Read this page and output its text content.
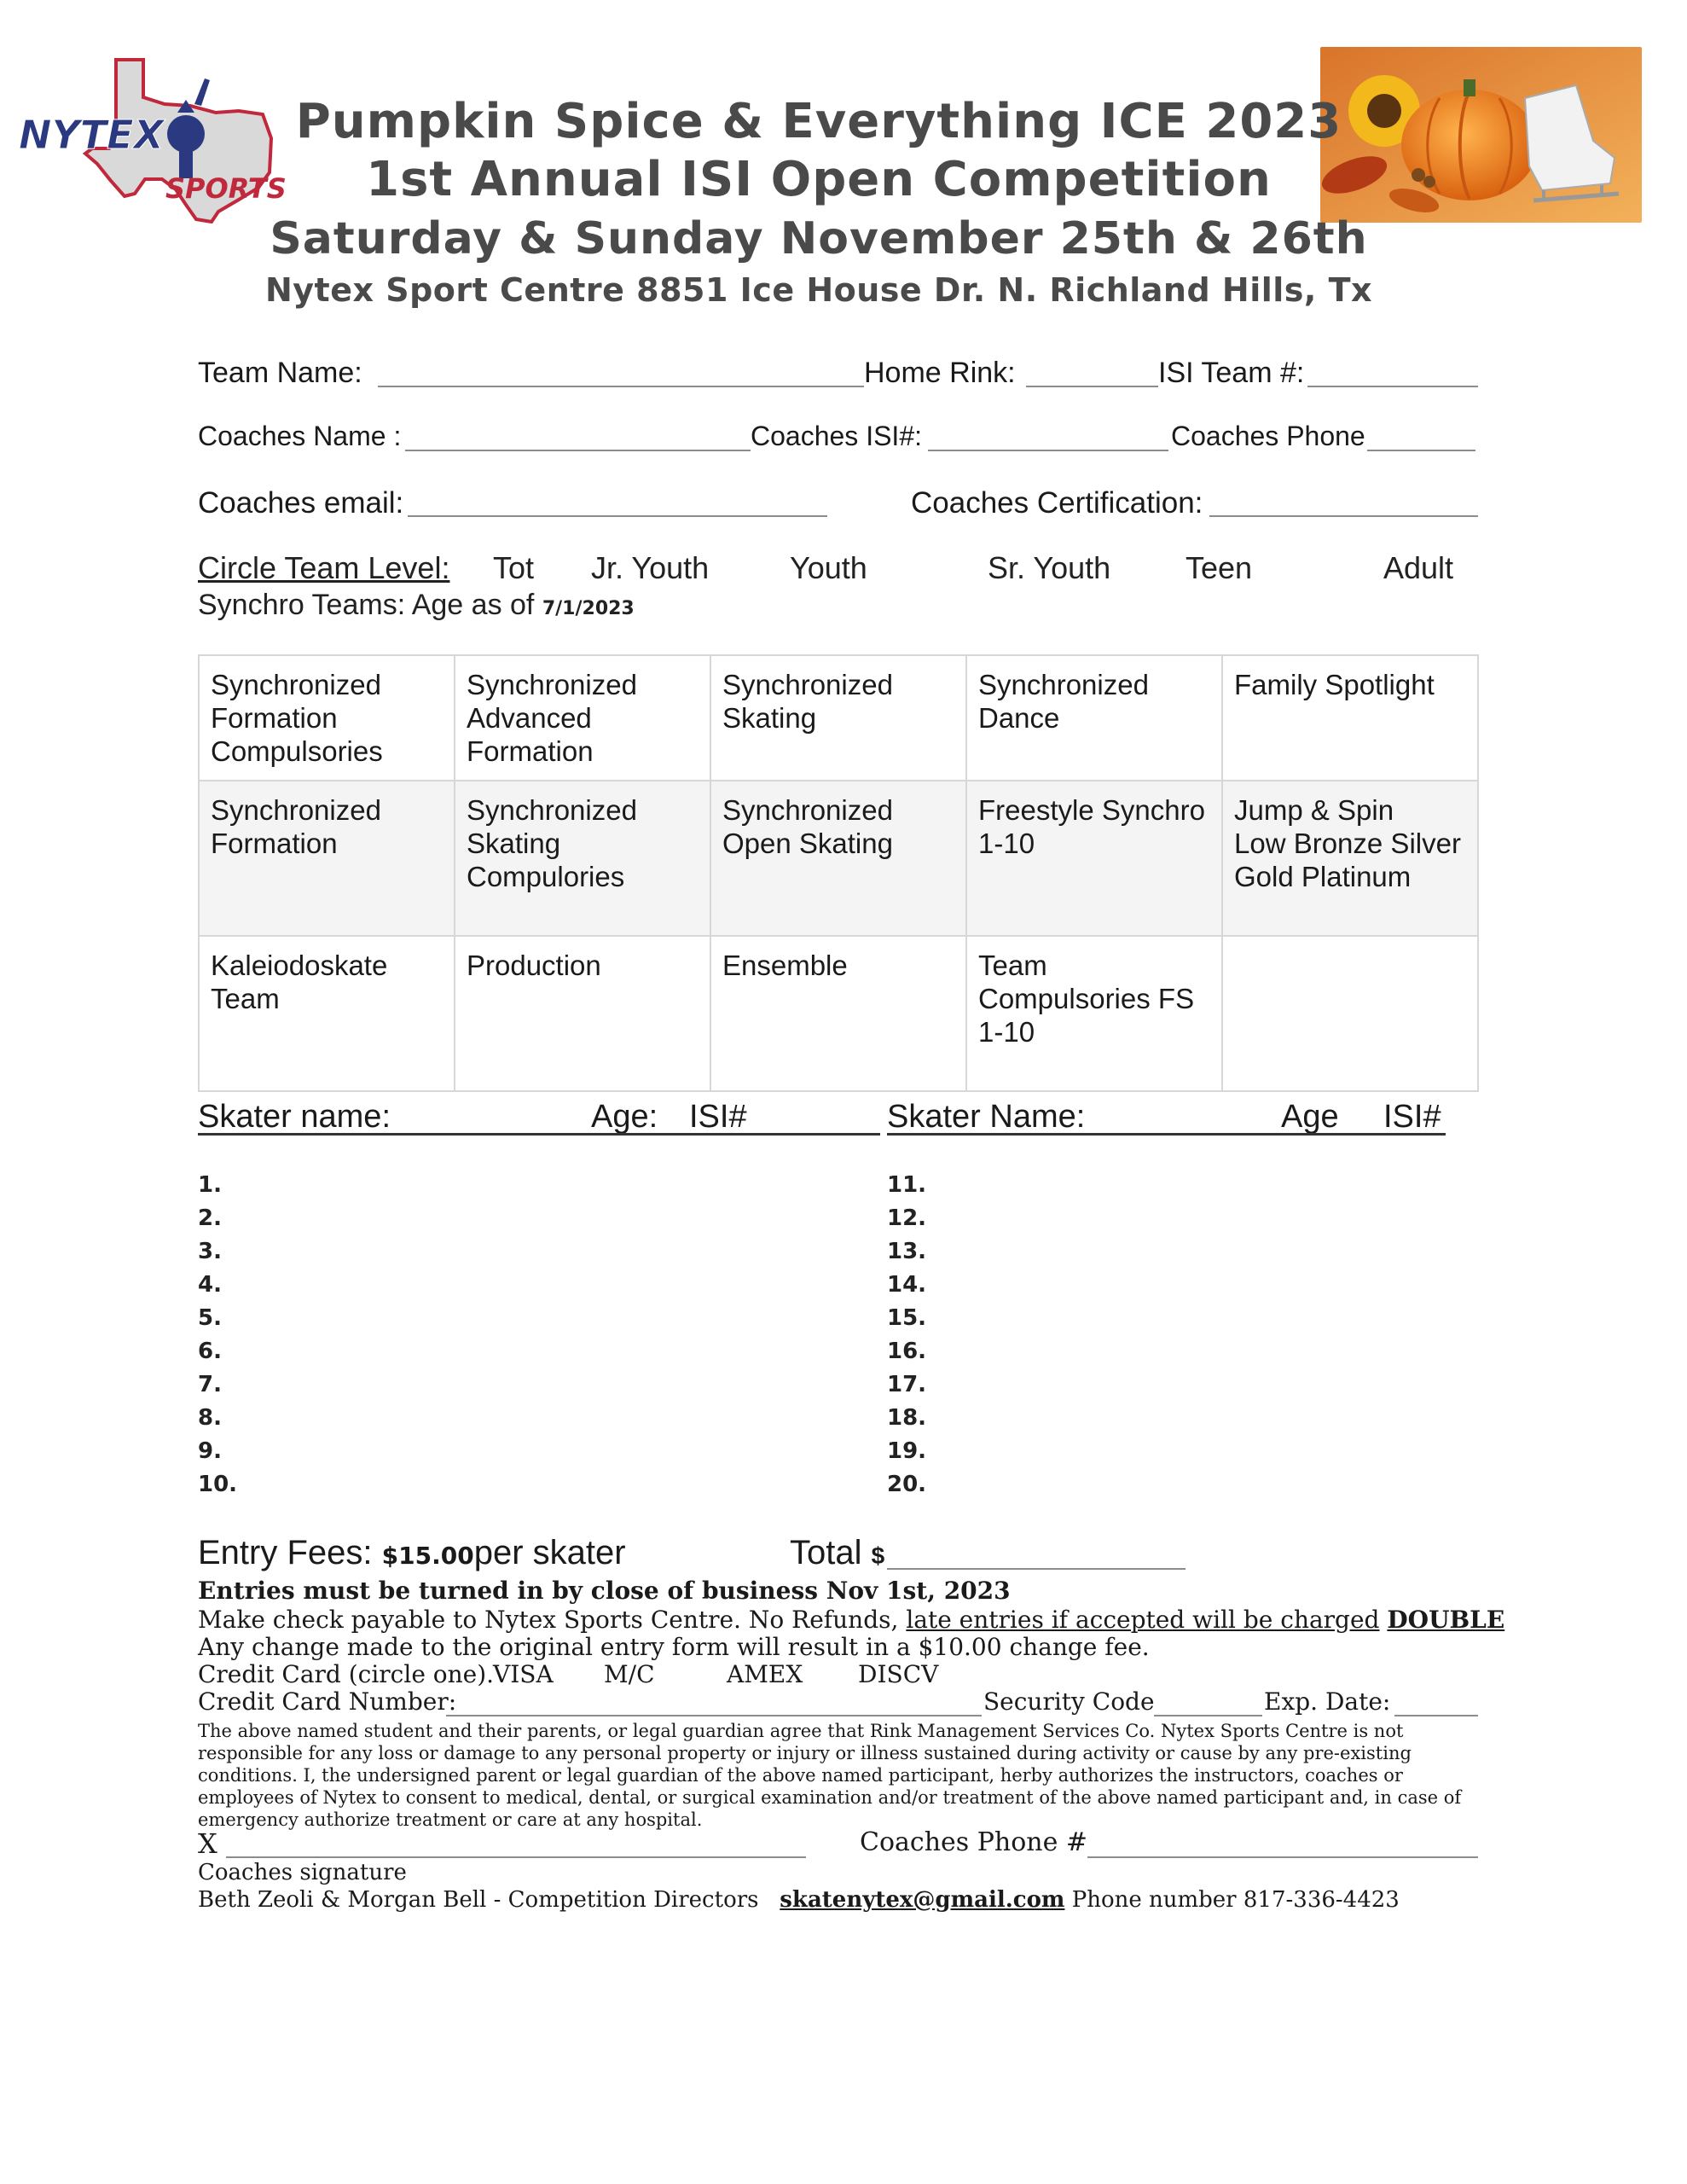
NYTEX
SPORTS
Pumpkin Spice & Everything ICE 2023
1st Annual ISI Open Competition
Saturday & Sunday November 25th & 26th
Nytex Sport Centre 8851 Ice House Dr. N. Richland Hills, Tx
Team Name:	Home Rink:	ISI Team #:
Coaches Name :	Coaches ISI#:	Coaches Phone
Coaches email:	Coaches Certification:
Circle Team Level: Tot Jr. Youth	Youth	Sr. Youth Teen	Adult
Synchro Teams: Age as of 7/1/2023
Synchronized
Formation
Compulsories	Synchronized
Advanced
Formation	Synchronized
Skating	Synchronized
Dance	Family Spotlight

Synchronized
Formation	Synchronized
Skating
Compulories	Synchronized
Open Skating	Freestyle Synchro
1-10	Jump & Spin
Low Bronze Silver
Gold Platinum

Kaleiodoskate
Team	Production	Ensemble	Team
Compulsories FS
1-10	

Skater name:	Age: ISI#	Skater Name:	Age ISI#
1.
2.
3.
4.
5.
6.
7.
8.
9.
10.
11.
12.
13.
14.
15.
16.
17.
18.
19.
20.
Entry Fees: $15.00per skater	Total $
Entries must be turned in by close of business Nov 1st, 2023
Make check payable to Nytex Sports Centre. No Refunds, late entries if accepted will be charged DOUBLE
Any change made to the original entry form will result in a $10.00 change fee.
Credit Card (circle one).
VISA M/C	AMEX DISCV
Credit Card Number:	Security Code	Exp. Date:
The above named student and their parents, or legal guardian agree that Rink Management Services Co. Nytex Sports Centre is not responsible for any loss or damage to any personal property or injury or illness sustained during activity or cause by any pre-existing conditions. I, the undersigned parent or legal guardian of the above named participant, herby authorizes the instructors, coaches or employees of Nytex to consent to medical, dental, or surgical examination and/or treatment of the above named participant and, in case of emergency authorize treatment or care at any hospital.
X	Coaches Phone #
Coaches signature
Beth Zeoli & Morgan Bell - Competition Directors skatenytex@gmail.com Phone number 817-336-4423
